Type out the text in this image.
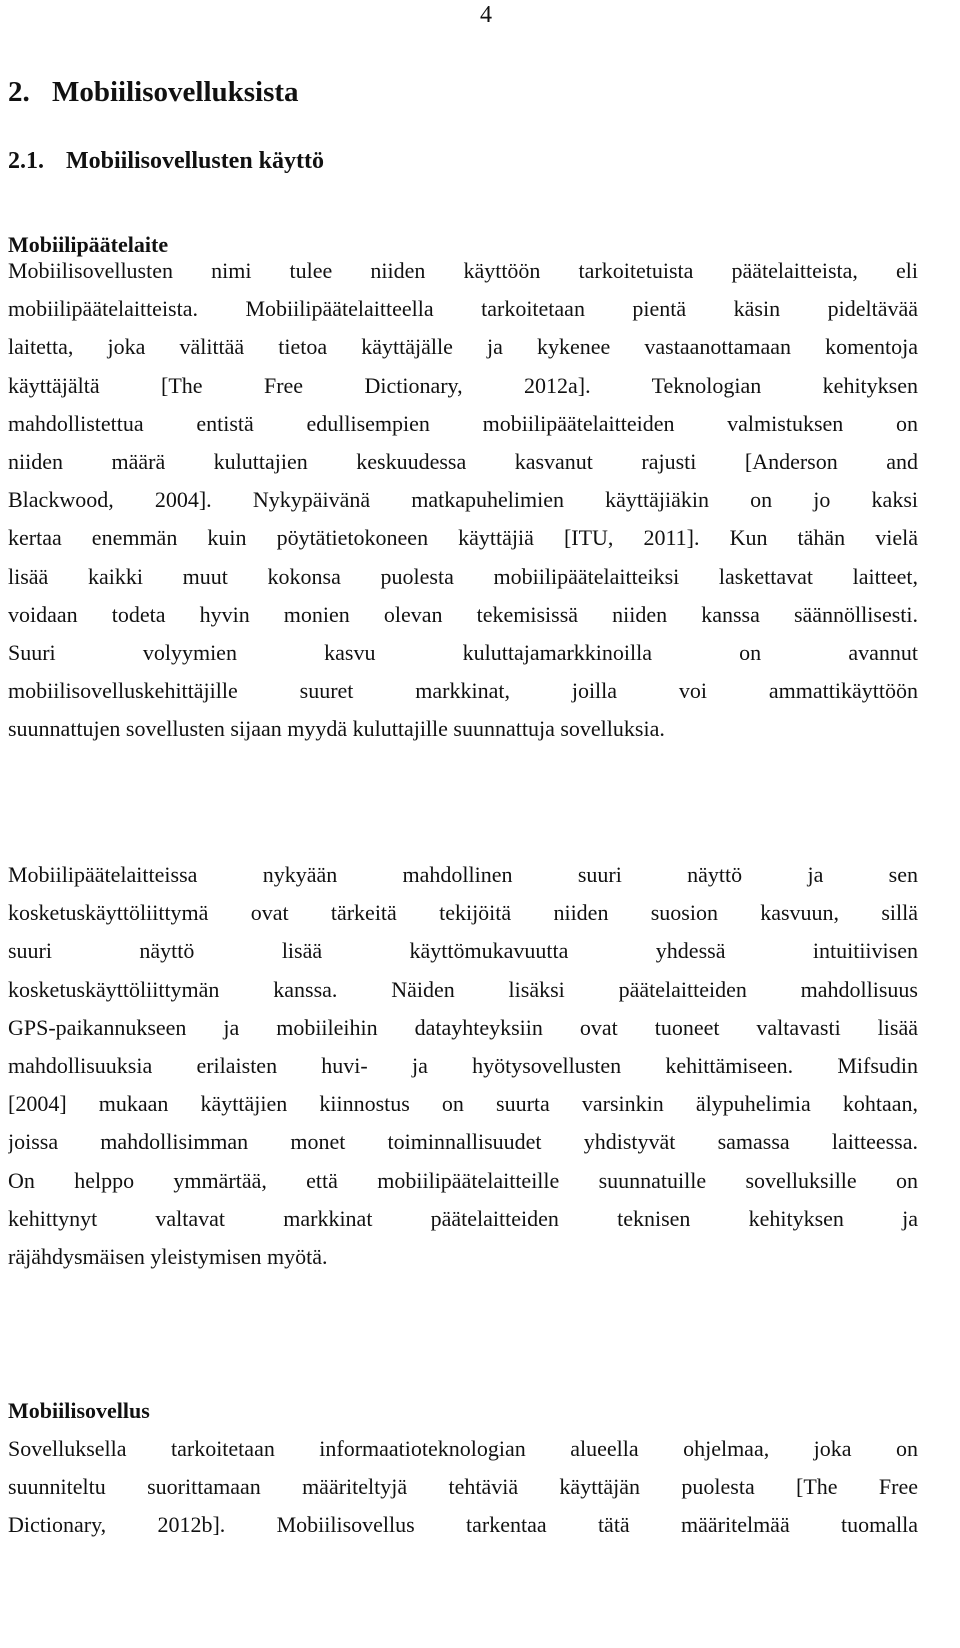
4
2. Mobiilisovelluksista
2.1. Mobiilisovellusten käyttö
Mobiilipäätelaite
Mobiilisovellusten nimi tulee niiden käyttöön tarkoitetuista päätelaitteista, eli
mobiilipäätelaitteista. Mobiilipäätelaitteella tarkoitetaan pientä käsin pideltävää
laitetta, joka välittää tietoa käyttäjälle ja kykenee vastaanottamaan komentoja
käyttäjältä [The Free Dictionary, 2012a]. Teknologian kehityksen
mahdollistettua entistä edullisempien mobiilipäätelaitteiden valmistuksen on
niiden määrä kuluttajien keskuudessa kasvanut rajusti [Anderson and
Blackwood, 2004]. Nykypäivänä matkapuhelimien käyttäjiäkin on jo kaksi
kertaa enemmän kuin pöytätietokoneen käyttäjiä [ITU, 2011]. Kun tähän vielä
lisää kaikki muut kokonsa puolesta mobiilipäätelaitteiksi laskettavat laitteet,
voidaan todeta hyvin monien olevan tekemisissä niiden kanssa säännöllisesti.
Suuri volyymien kasvu kuluttajamarkkinoilla on avannut
mobiilisovelluskehittäjille suuret markkinat, joilla voi ammattikäyttöön
suunnattujen sovellusten sijaan myydä kuluttajille suunnattuja sovelluksia.
Mobiilipäätelaitteissa nykyään mahdollinen suuri näyttö ja sen
kosketuskäyttöliittymä ovat tärkeitä tekijöitä niiden suosion kasvuun, sillä
suuri näyttö lisää käyttömukavuutta yhdessä intuitiivisen
kosketuskäyttöliittymän kanssa. Näiden lisäksi päätelaitteiden mahdollisuus
GPS-paikannukseen ja mobiileihin datayhteyksiin ovat tuoneet valtavasti lisää
mahdollisuuksia erilaisten huvi- ja hyötysovellusten kehittämiseen. Mifsudin
[2004] mukaan käyttäjien kiinnostus on suurta varsinkin älypuhelimia kohtaan,
joissa mahdollisimman monet toiminnallisuudet yhdistyvät samassa laitteessa.
On helppo ymmärtää, että mobiilipäätelaitteille suunnatuille sovelluksille on
kehittynyt valtavat markkinat päätelaitteiden teknisen kehityksen ja
räjähdysmäisen yleistymisen myötä.
Mobiilisovellus
Sovelluksella tarkoitetaan informaatioteknologian alueella ohjelmaa, joka on
suunniteltu suorittamaan määriteltyjä tehtäviä käyttäjän puolesta [The Free
Dictionary, 2012b]. Mobiilisovellus tarkentaa tätä määritelmää tuomalla
